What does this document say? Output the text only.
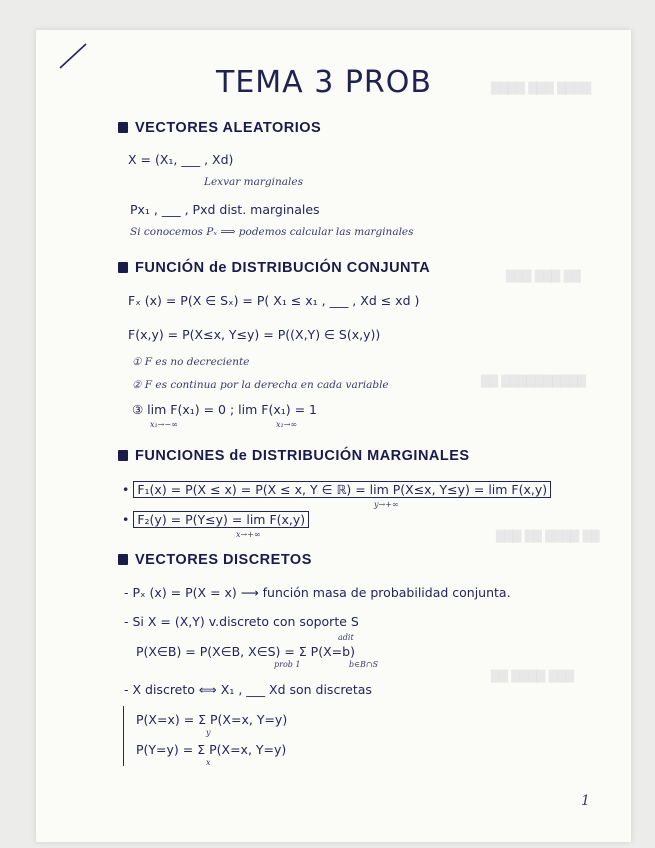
████ ███ ████
███ ███ ██
██ ██████████
███ ██ ████ ██
██ ████ ███
TEMA 3 PROB
VECTORES ALEATORIOS
X = (X₁, ___ , Xd)
Lexvar marginales
Px₁ , ___ , Pxd dist. marginales
Si conocemos Pₓ ⟹ podemos calcular las marginales
FUNCIÓN de DISTRIBUCIÓN CONJUNTA
Fₓ (x) = P(X ∈ Sₓ) = P( X₁ ≤ x₁ , ___ , Xd ≤ xd )
F(x,y) = P(X≤x, Y≤y) = P((X,Y) ∈ S(x,y))
① F es no decreciente
② F es continua por la derecha en cada variable
③ lim F(x₁) = 0 ; lim F(x₁) = 1
x₁→−∞	x₁→∞
FUNCIONES de DISTRIBUCIÓN MARGINALES
• F₁(x) = P(X ≤ x) = P(X ≤ x, Y ∈ ℝ) = lim P(X≤x, Y≤y) = lim F(x,y)
y→+∞
• F₂(y) = P(Y≤y) = lim F(x,y)
x→+∞
VECTORES DISCRETOS
- Pₓ (x) = P(X = x) ⟶ función masa de probabilidad conjunta.
- Si X = (X,Y) v.discreto con soporte S
P(X∈B) = P(X∈B, X∈S) = Σ P(X=b)
adit
b∈B∩S
prob 1
- X discreto ⟺ X₁ , ___ Xd son discretas
P(X=x) = Σ P(X=x, Y=y)
y
P(Y=y) = Σ P(X=x, Y=y)
x
1
